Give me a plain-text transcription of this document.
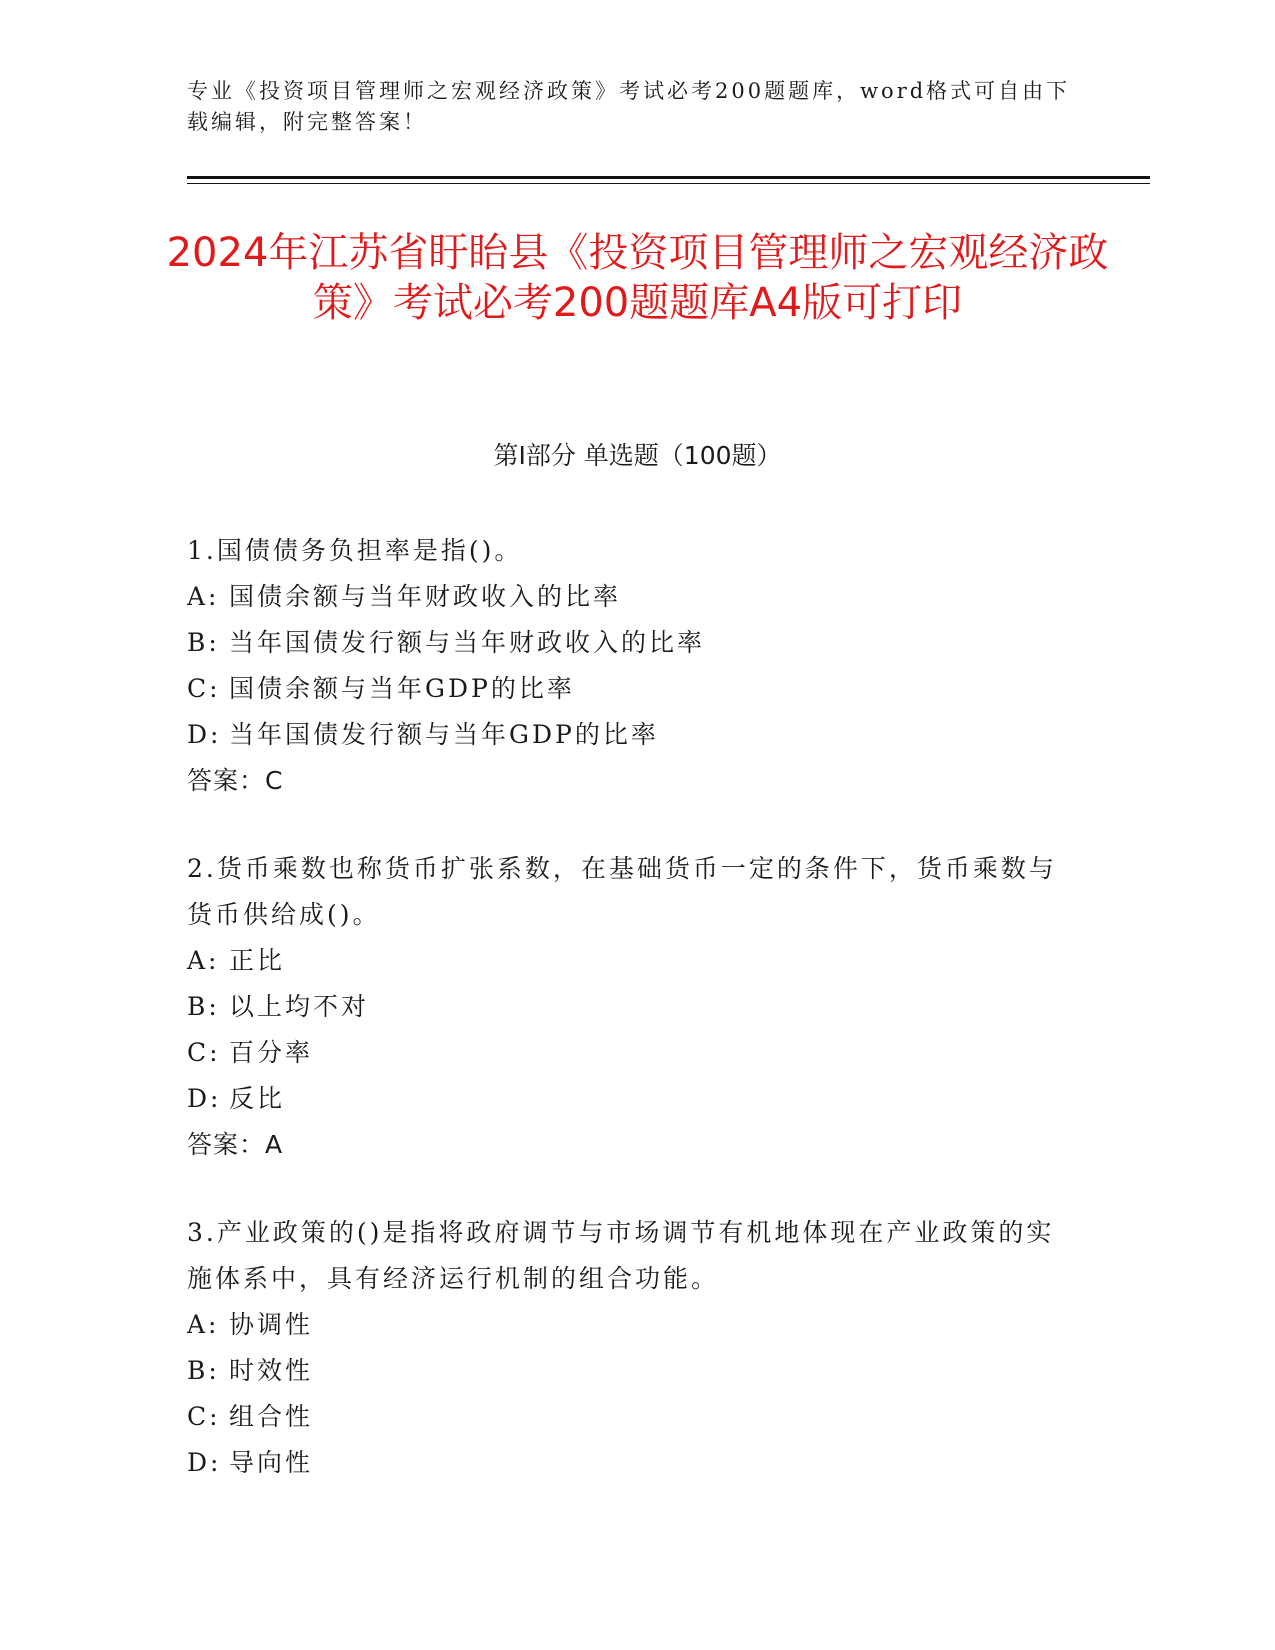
专业《投资项目管理师之宏观经济政策》考试必考200题题库，word格式可自由下载编辑，附完整答案！

2024年江苏省盱眙县《投资项目管理师之宏观经济政策》考试必考200题题库A4版可打印
第I部分 单选题（100题）

1.国债债务负担率是指()。

A: 国债余额与当年财政收入的比率

B: 当年国债发行额与当年财政收入的比率

C: 国债余额与当年GDP的比率

D: 当年国债发行额与当年GDP的比率

答案：C

2.货币乘数也称货币扩张系数，在基础货币一定的条件下，货币乘数与货币供给成()。

A: 正比

B: 以上均不对

C: 百分率

D: 反比

答案：A

3.产业政策的()是指将政府调节与市场调节有机地体现在产业政策的实施体系中，具有经济运行机制的组合功能。

A: 协调性

B: 时效性

C: 组合性

D: 导向性
